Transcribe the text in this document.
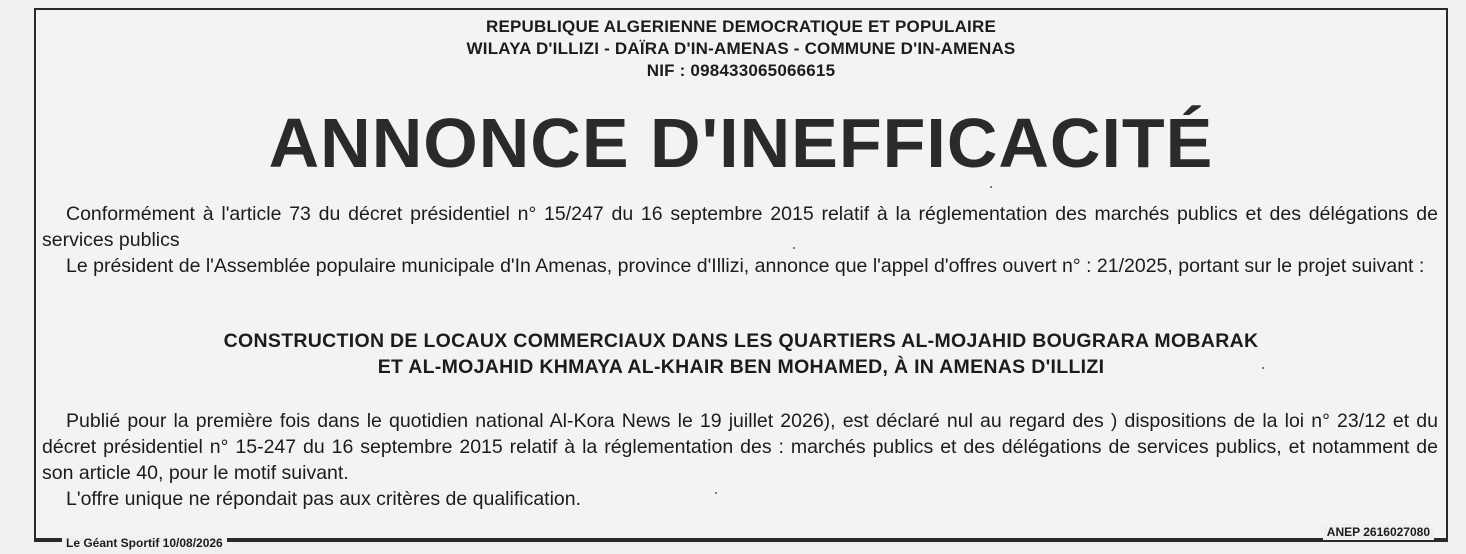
REPUBLIQUE ALGERIENNE DEMOCRATIQUE ET POPULAIRE
WILAYA D'ILLIZI - DAÏRA D'IN-AMENAS - COMMUNE D'IN-AMENAS
NIF : 098433065066615
ANNONCE D'INEFFICACITÉ
Conformément à l'article 73 du décret présidentiel n° 15/247 du 16 septembre 2015 relatif à la réglementation des marchés publics et des délégations de services publics
Le président de l'Assemblée populaire municipale d'In Amenas, province d'Illizi, annonce que l'appel d'offres ouvert n° : 21/2025, portant sur le projet suivant :
CONSTRUCTION DE LOCAUX COMMERCIAUX DANS LES QUARTIERS AL-MOJAHID BOUGRARA MOBARAK
ET AL-MOJAHID KHMAYA AL-KHAIR BEN MOHAMED, À IN AMENAS D'ILLIZI
Publié pour la première fois dans le quotidien national Al-Kora News le 19 juillet 2026), est déclaré nul au regard des ) dispositions de la loi n° 23/12 et du décret présidentiel n° 15-247 du 16 septembre 2015 relatif à la réglementation des : marchés publics et des délégations de services publics, et notamment de son article 40, pour le motif suivant.
L'offre unique ne répondait pas aux critères de qualification.
Le Géant Sportif 10/08/2026
ANEP 2616027080
